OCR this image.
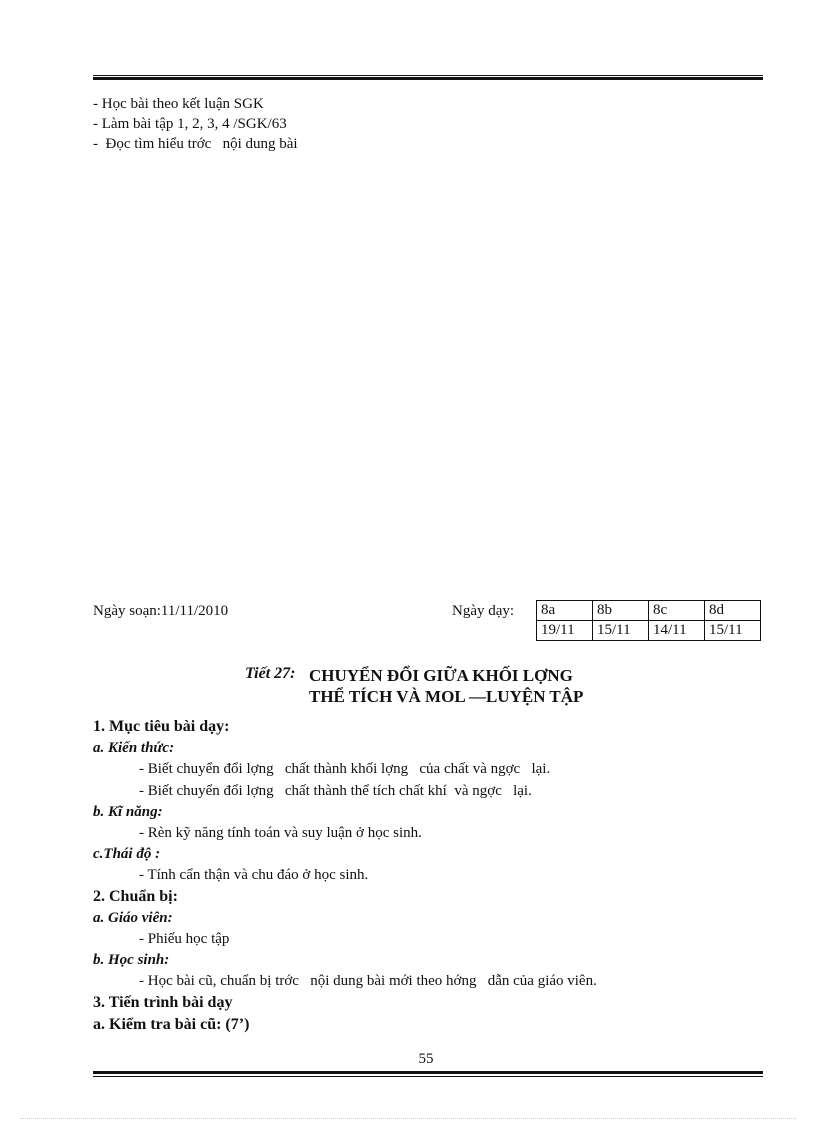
- Học bài theo kết luận SGK
- Làm bài tập 1, 2, 3, 4 /SGK/63
-  Đọc tìm hiểu trớc   nội dung bài
Ngày soạn:11/11/2010	Ngày dạy: 8a	8b	8c	8d
19/11	15/11	14/11	15/11
Tiết 27: CHUYỂN ĐỔI GIỮA KHỐI LỢNG
THỂ TÍCH VÀ MOL —LUYỆN TẬP
1. Mục tiêu bài dạy:
a. Kiến thức:
- Biết chuyển đổi lợng   chất thành khối lợng   của chất và ngợc   lại.
- Biết chuyển đổi lợng   chất thành thể tích chất khí  và ngợc   lại.
b. Kĩ năng:
- Rèn kỹ năng tính toán và suy luận ở học sinh.
c.Thái độ :
- Tính cẩn thận và chu đáo ở học sinh.
2. Chuẩn bị:
a. Giáo viên:
- Phiếu học tập
b. Học sinh:
- Học bài cũ, chuẩn bị trớc   nội dung bài mới theo hớng   dẫn của giáo viên.
3. Tiến trình bài dạy
a. Kiểm tra bài cũ: (7’)
55
